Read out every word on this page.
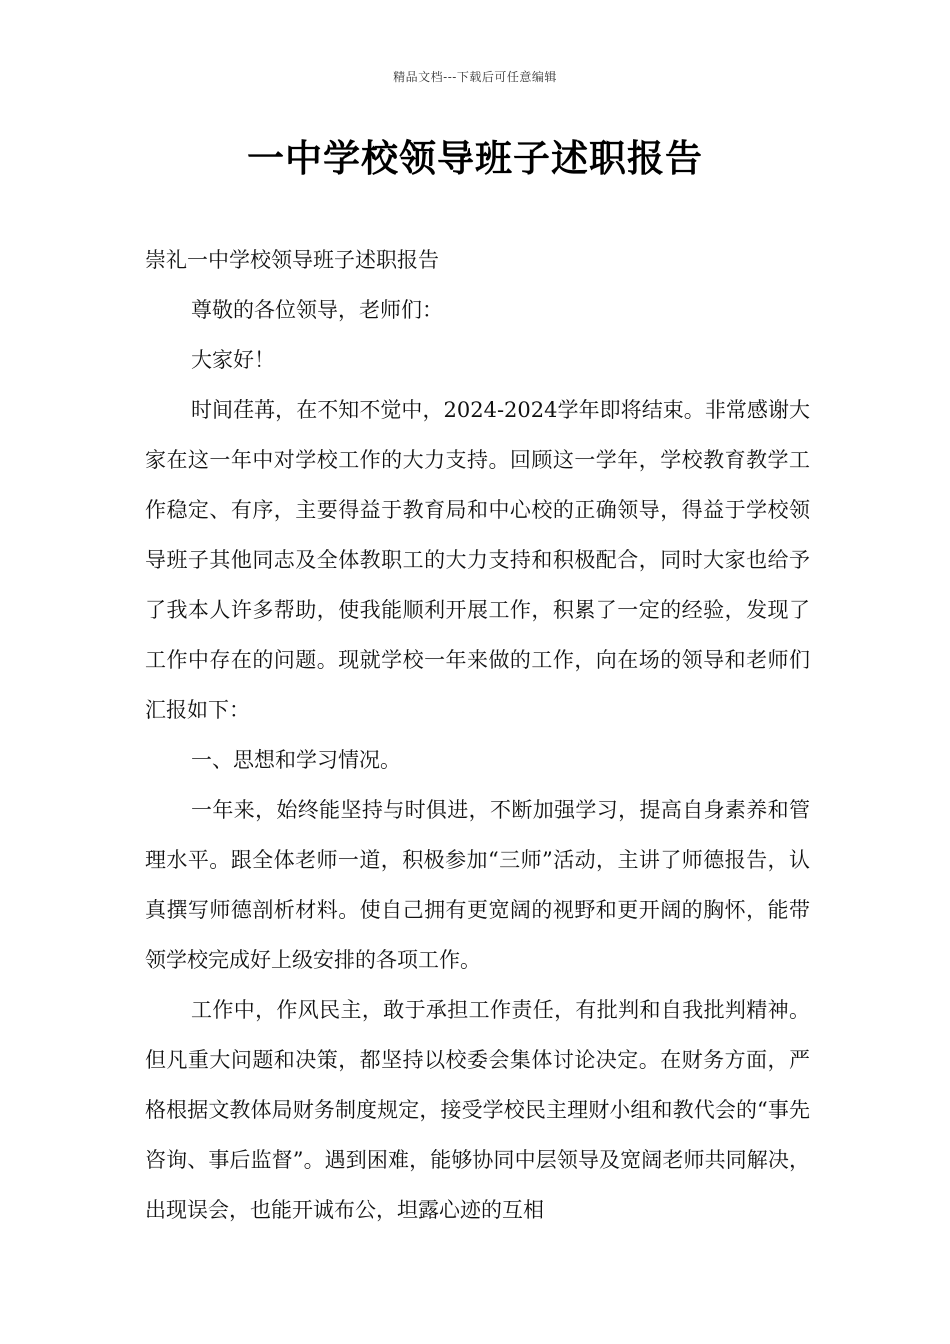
精品文档---下载后可任意编辑
一中学校领导班子述职报告

崇礼一中学校领导班子述职报告

尊敬的各位领导，老师们：

大家好！

时间荏苒，在不知不觉中，2024-2024学年即将结束。非常感谢大家在这一年中对学校工作的大力支持。回顾这一学年，学校教育教学工作稳定、有序，主要得益于教育局和中心校的正确领导，得益于学校领导班子其他同志及全体教职工的大力支持和积极配合，同时大家也给予了我本人许多帮助，使我能顺利开展工作，积累了一定的经验，发现了工作中存在的问题。现就学校一年来做的工作，向在场的领导和老师们汇报如下：

一、思想和学习情况。

一年来，始终能坚持与时俱进，不断加强学习，提高自身素养和管理水平。跟全体老师一道，积极参加“三师”活动，主讲了师德报告，认真撰写师德剖析材料。使自己拥有更宽阔的视野和更开阔的胸怀，能带领学校完成好上级安排的各项工作。

工作中，作风民主，敢于承担工作责任，有批判和自我批判精神。但凡重大问题和决策，都坚持以校委会集体讨论决定。在财务方面，严格根据文教体局财务制度规定，接受学校民主理财小组和教代会的“事先咨询、事后监督”。遇到困难，能够协同中层领导及宽阔老师共同解决，出现误会，也能开诚布公，坦露心迹的互相
